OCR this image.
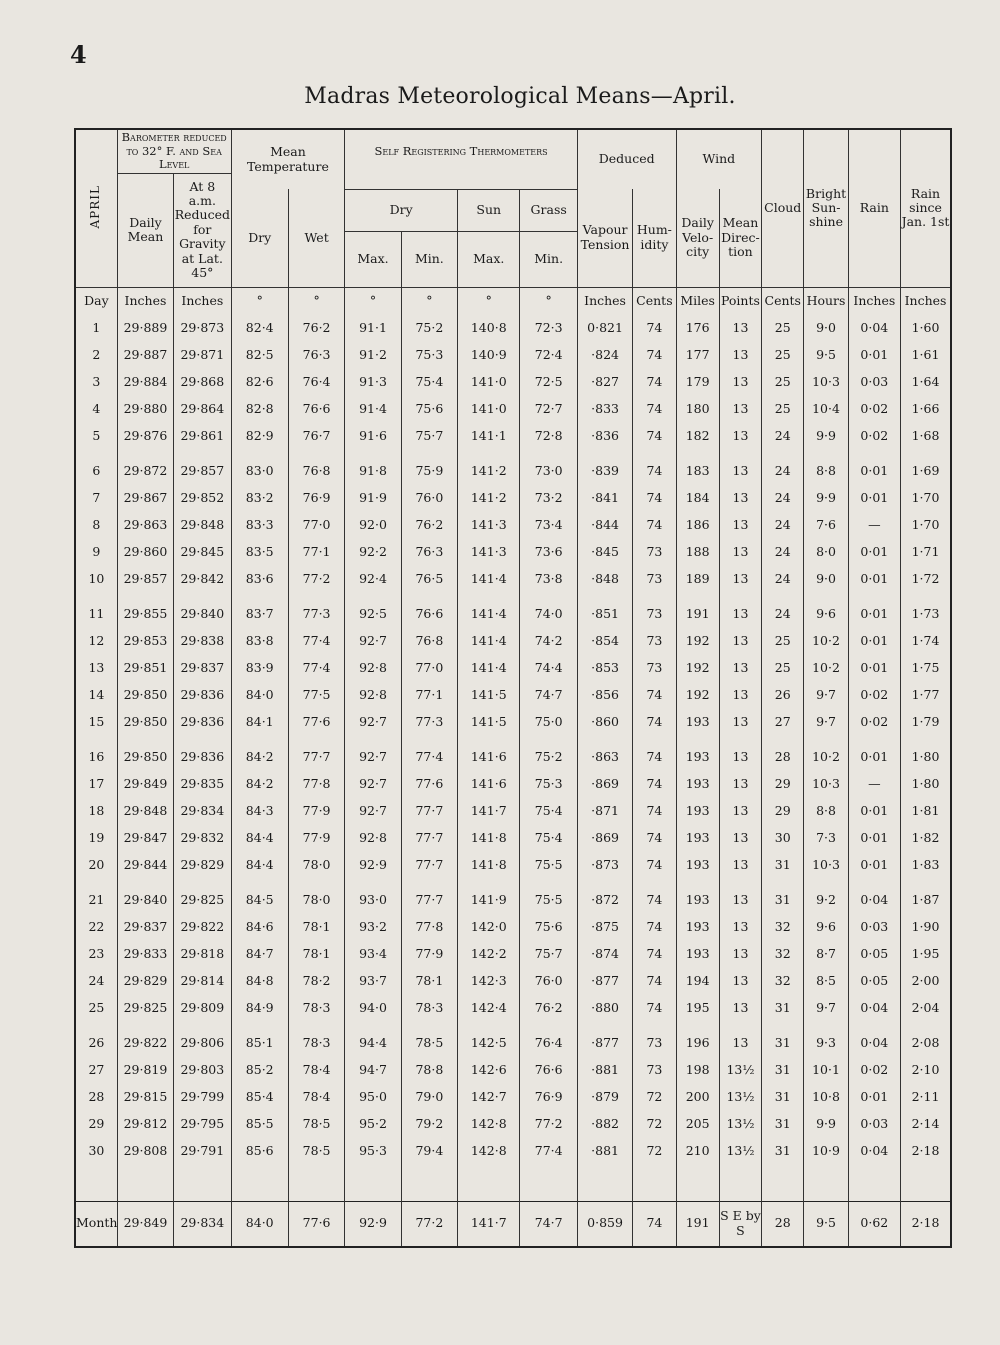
4
Madras Meteorological Means—April.
APRIL	Barometer reduced to 32° F. and Sea Level		Mean Temperature		Self Registering Thermometers				Deduced		Wind		Cloud	Bright Sun-shine	Rain	Rain since Jan. 1st
	Daily Mean	At 8 a.m. Reduced for Gravity at Lat. 45°														
			Dry	Wet	Dry		Sun	Grass	Vapour Tension	Hum-idity	Daily Velo-city	Mean Direc-tion				
					Max.	Min.	Max.	Min.								
Day	Inches	Inches	°	°	°	°	°	°	Inches	Cents	Miles	Points	Cents	Hours	Inches	Inches
1	29·889	29·873	82·4	76·2	91·1	75·2	140·8	72·3	0·821	74	176	13	25	9·0	0·04	1·60
2	29·887	29·871	82·5	76·3	91·2	75·3	140·9	72·4	·824	74	177	13	25	9·5	0·01	1·61
3	29·884	29·868	82·6	76·4	91·3	75·4	141·0	72·5	·827	74	179	13	25	10·3	0·03	1·64
4	29·880	29·864	82·8	76·6	91·4	75·6	141·0	72·7	·833	74	180	13	25	10·4	0·02	1·66
5	29·876	29·861	82·9	76·7	91·6	75·7	141·1	72·8	·836	74	182	13	24	9·9	0·02	1·68
6	29·872	29·857	83·0	76·8	91·8	75·9	141·2	73·0	·839	74	183	13	24	8·8	0·01	1·69
7	29·867	29·852	83·2	76·9	91·9	76·0	141·2	73·2	·841	74	184	13	24	9·9	0·01	1·70
8	29·863	29·848	83·3	77·0	92·0	76·2	141·3	73·4	·844	74	186	13	24	7·6	—	1·70
9	29·860	29·845	83·5	77·1	92·2	76·3	141·3	73·6	·845	73	188	13	24	8·0	0·01	1·71
10	29·857	29·842	83·6	77·2	92·4	76·5	141·4	73·8	·848	73	189	13	24	9·0	0·01	1·72
11	29·855	29·840	83·7	77·3	92·5	76·6	141·4	74·0	·851	73	191	13	24	9·6	0·01	1·73
12	29·853	29·838	83·8	77·4	92·7	76·8	141·4	74·2	·854	73	192	13	25	10·2	0·01	1·74
13	29·851	29·837	83·9	77·4	92·8	77·0	141·4	74·4	·853	73	192	13	25	10·2	0·01	1·75
14	29·850	29·836	84·0	77·5	92·8	77·1	141·5	74·7	·856	74	192	13	26	9·7	0·02	1·77
15	29·850	29·836	84·1	77·6	92·7	77·3	141·5	75·0	·860	74	193	13	27	9·7	0·02	1·79
16	29·850	29·836	84·2	77·7	92·7	77·4	141·6	75·2	·863	74	193	13	28	10·2	0·01	1·80
17	29·849	29·835	84·2	77·8	92·7	77·6	141·6	75·3	·869	74	193	13	29	10·3	—	1·80
18	29·848	29·834	84·3	77·9	92·7	77·7	141·7	75·4	·871	74	193	13	29	8·8	0·01	1·81
19	29·847	29·832	84·4	77·9	92·8	77·7	141·8	75·4	·869	74	193	13	30	7·3	0·01	1·82
20	29·844	29·829	84·4	78·0	92·9	77·7	141·8	75·5	·873	74	193	13	31	10·3	0·01	1·83
21	29·840	29·825	84·5	78·0	93·0	77·7	141·9	75·5	·872	74	193	13	31	9·2	0·04	1·87
22	29·837	29·822	84·6	78·1	93·2	77·8	142·0	75·6	·875	74	193	13	32	9·6	0·03	1·90
23	29·833	29·818	84·7	78·1	93·4	77·9	142·2	75·7	·874	74	193	13	32	8·7	0·05	1·95
24	29·829	29·814	84·8	78·2	93·7	78·1	142·3	76·0	·877	74	194	13	32	8·5	0·05	2·00
25	29·825	29·809	84·9	78·3	94·0	78·3	142·4	76·2	·880	74	195	13	31	9·7	0·04	2·04
26	29·822	29·806	85·1	78·3	94·4	78·5	142·5	76·4	·877	73	196	13	31	9·3	0·04	2·08
27	29·819	29·803	85·2	78·4	94·7	78·8	142·6	76·6	·881	73	198	13½	31	10·1	0·02	2·10
28	29·815	29·799	85·4	78·4	95·0	79·0	142·7	76·9	·879	72	200	13½	31	10·8	0·01	2·11
29	29·812	29·795	85·5	78·5	95·2	79·2	142·8	77·2	·882	72	205	13½	31	9·9	0·03	2·14
30	29·808	29·791	85·6	78·5	95·3	79·4	142·8	77·4	·881	72	210	13½	31	10·9	0·04	2·18

Month	29·849	29·834	84·0	77·6	92·9	77·2	141·7	74·7	0·859	74	191	S E by S	28	9·5	0·62	2·18
